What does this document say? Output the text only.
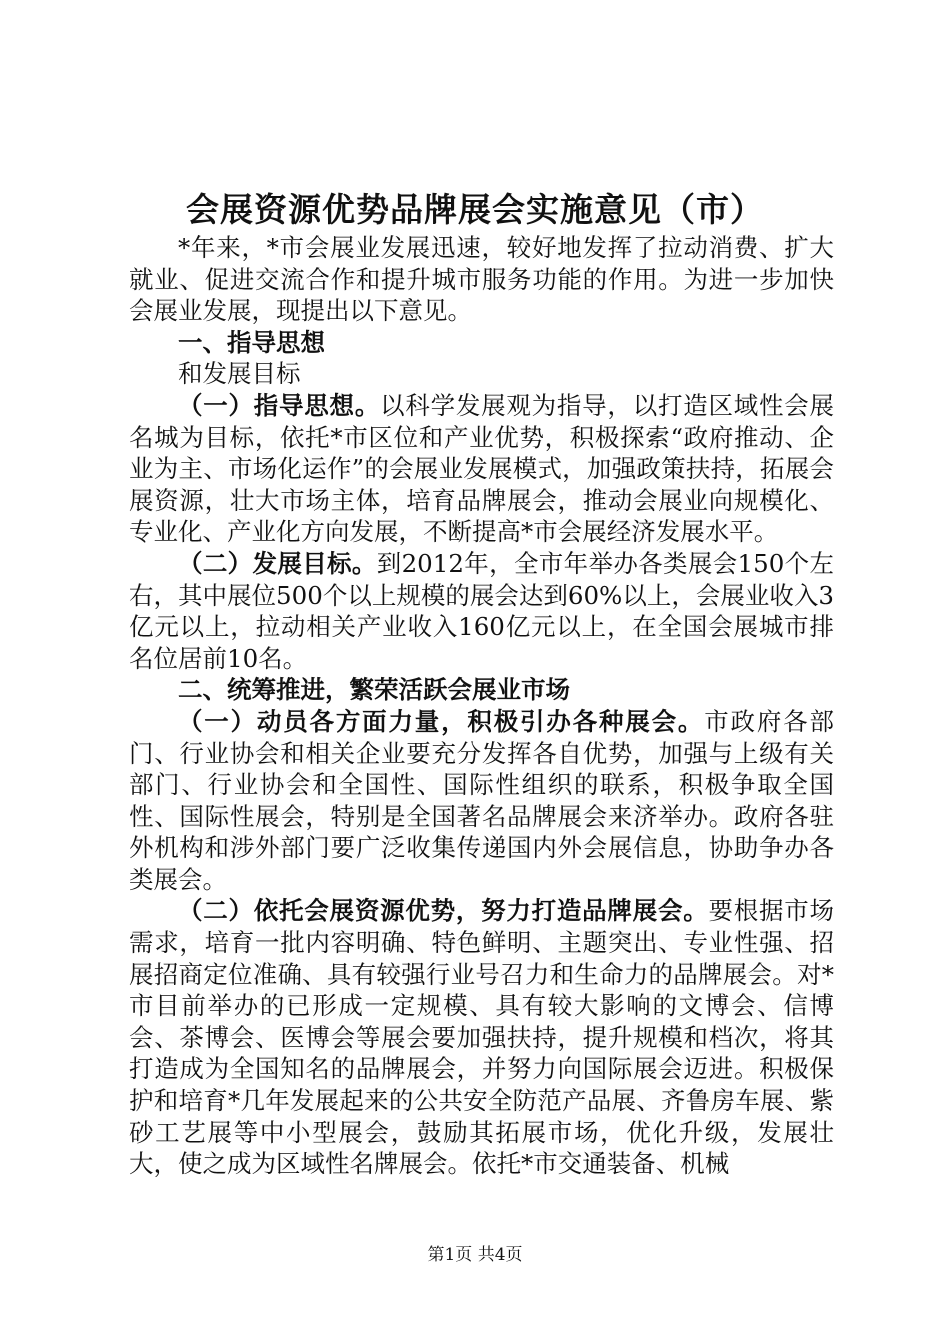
会展资源优势品牌展会实施意见（市）

*年来，*市会展业发展迅速，较好地发挥了拉动消费、扩大就业、促进交流合作和提升城市服务功能的作用。为进一步加快会展业发展，现提出以下意见。

一、指导思想

和发展目标

（一）指导思想。以科学发展观为指导，以打造区域性会展名城为目标，依托*市区位和产业优势，积极探索“政府推动、企业为主、市场化运作”的会展业发展模式，加强政策扶持，拓展会展资源，壮大市场主体，培育品牌展会，推动会展业向规模化、专业化、产业化方向发展，不断提高*市会展经济发展水平。

（二）发展目标。到2012年，全市年举办各类展会150个左右，其中展位500个以上规模的展会达到60%以上，会展业收入3亿元以上，拉动相关产业收入160亿元以上，在全国会展城市排名位居前10名。

二、统筹推进，繁荣活跃会展业市场

（一）动员各方面力量，积极引办各种展会。市政府各部门、行业协会和相关企业要充分发挥各自优势，加强与上级有关部门、行业协会和全国性、国际性组织的联系，积极争取全国性、国际性展会，特别是全国著名品牌展会来济举办。政府各驻外机构和涉外部门要广泛收集传递国内外会展信息，协助争办各类展会。

（二）依托会展资源优势，努力打造品牌展会。要根据市场需求，培育一批内容明确、特色鲜明、主题突出、专业性强、招展招商定位准确、具有较强行业号召力和生命力的品牌展会。对*市目前举办的已形成一定规模、具有较大影响的文博会、信博会、茶博会、医博会等展会要加强扶持，提升规模和档次，将其打造成为全国知名的品牌展会，并努力向国际展会迈进。积极保护和培育*几年发展起来的公共安全防范产品展、齐鲁房车展、紫砂工艺展等中小型展会，鼓励其拓展市场，优化升级，发展壮大，使之成为区域性名牌展会。依托*市交通装备、机械

第1页 共4页
